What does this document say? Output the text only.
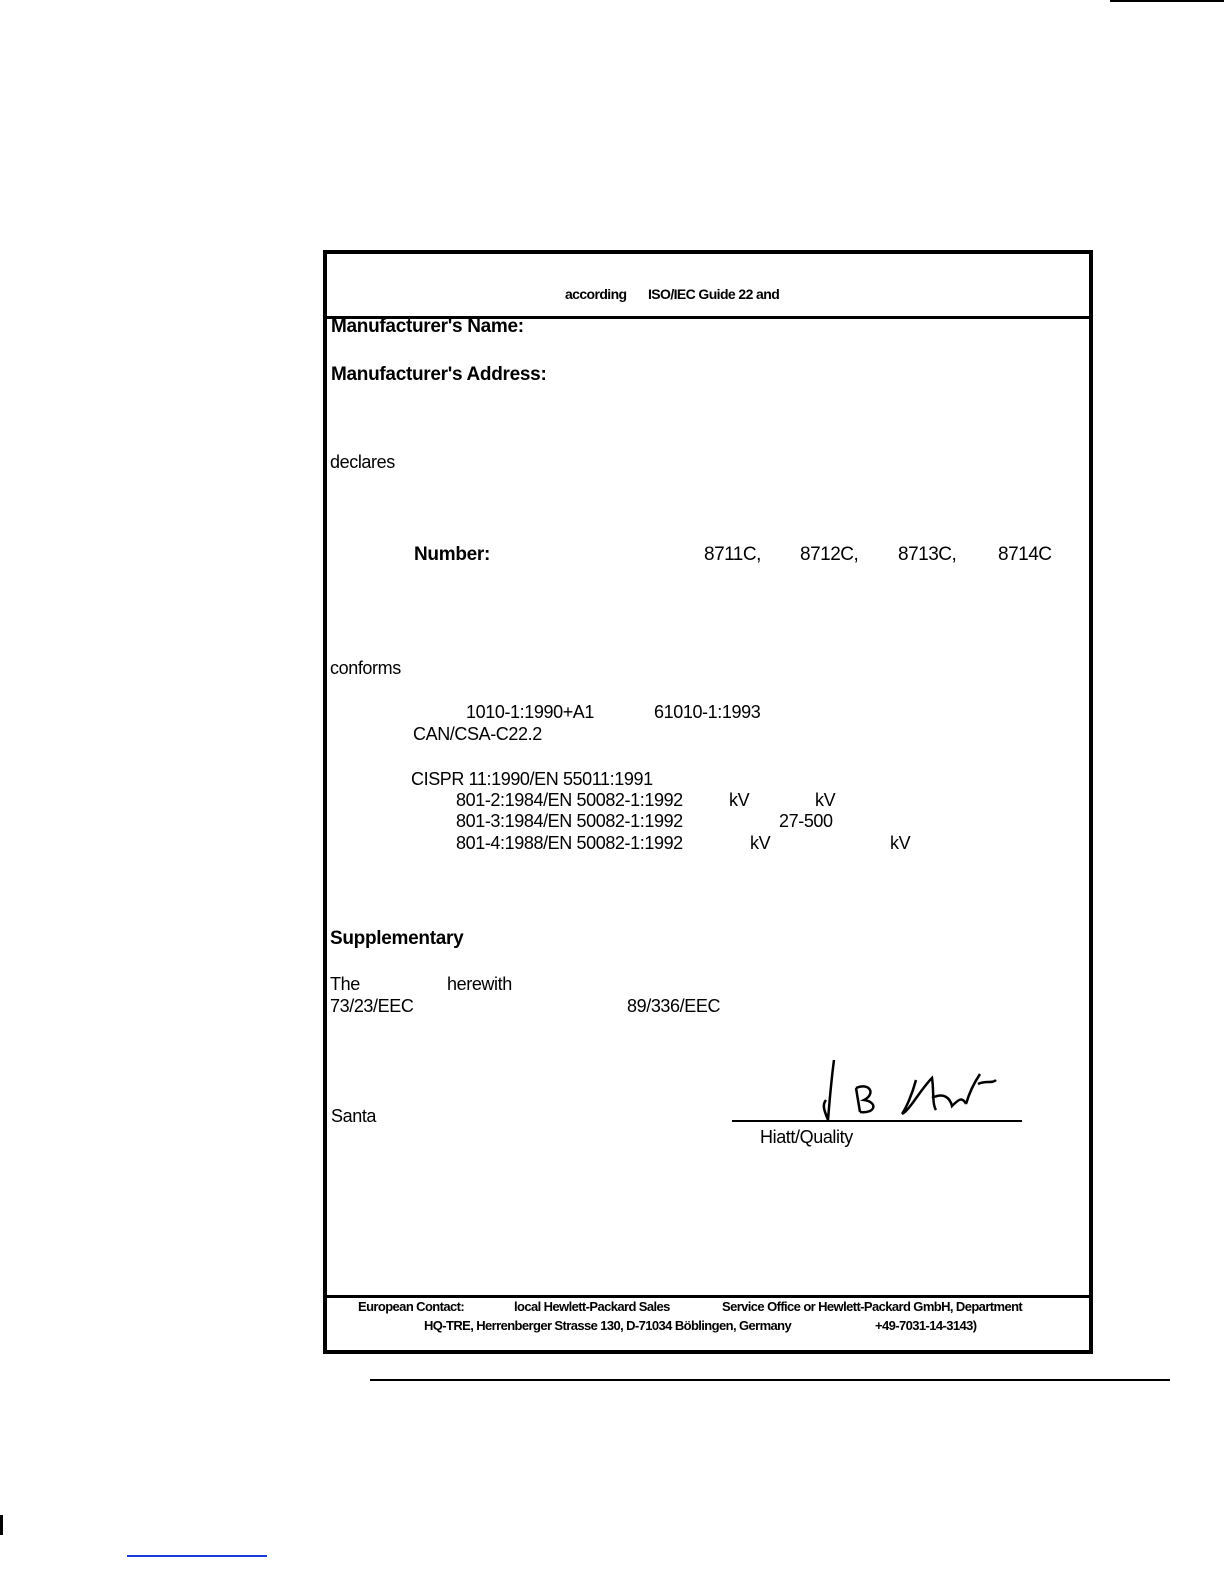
according ISO/IEC Guide 22 and
Manufacturer's Name:
Manufacturer's Address:
declares
Number:	8711C, 8712C, 8713C, 8714C
conforms
1010-1:1990+A1	61010-1:1993
CAN/CSA-C22.2
CISPR 11:1990/EN 55011:1991
801-2:1984/EN 50082-1:1992	kV	kV
801-3:1984/EN 50082-1:1992	27-500
801-4:1988/EN 50082-1:1992	kV	kV
Supplementary
The	herewith
73/23/EEC	89/336/EEC
Santa
Hiatt/Quality
European Contact:	local Hewlett-Packard Sales	Service Office or Hewlett-Packard GmbH, Department
HQ-TRE, Herrenberger Strasse 130, D-71034 Böblingen, Germany	+49-7031-14-3143)
